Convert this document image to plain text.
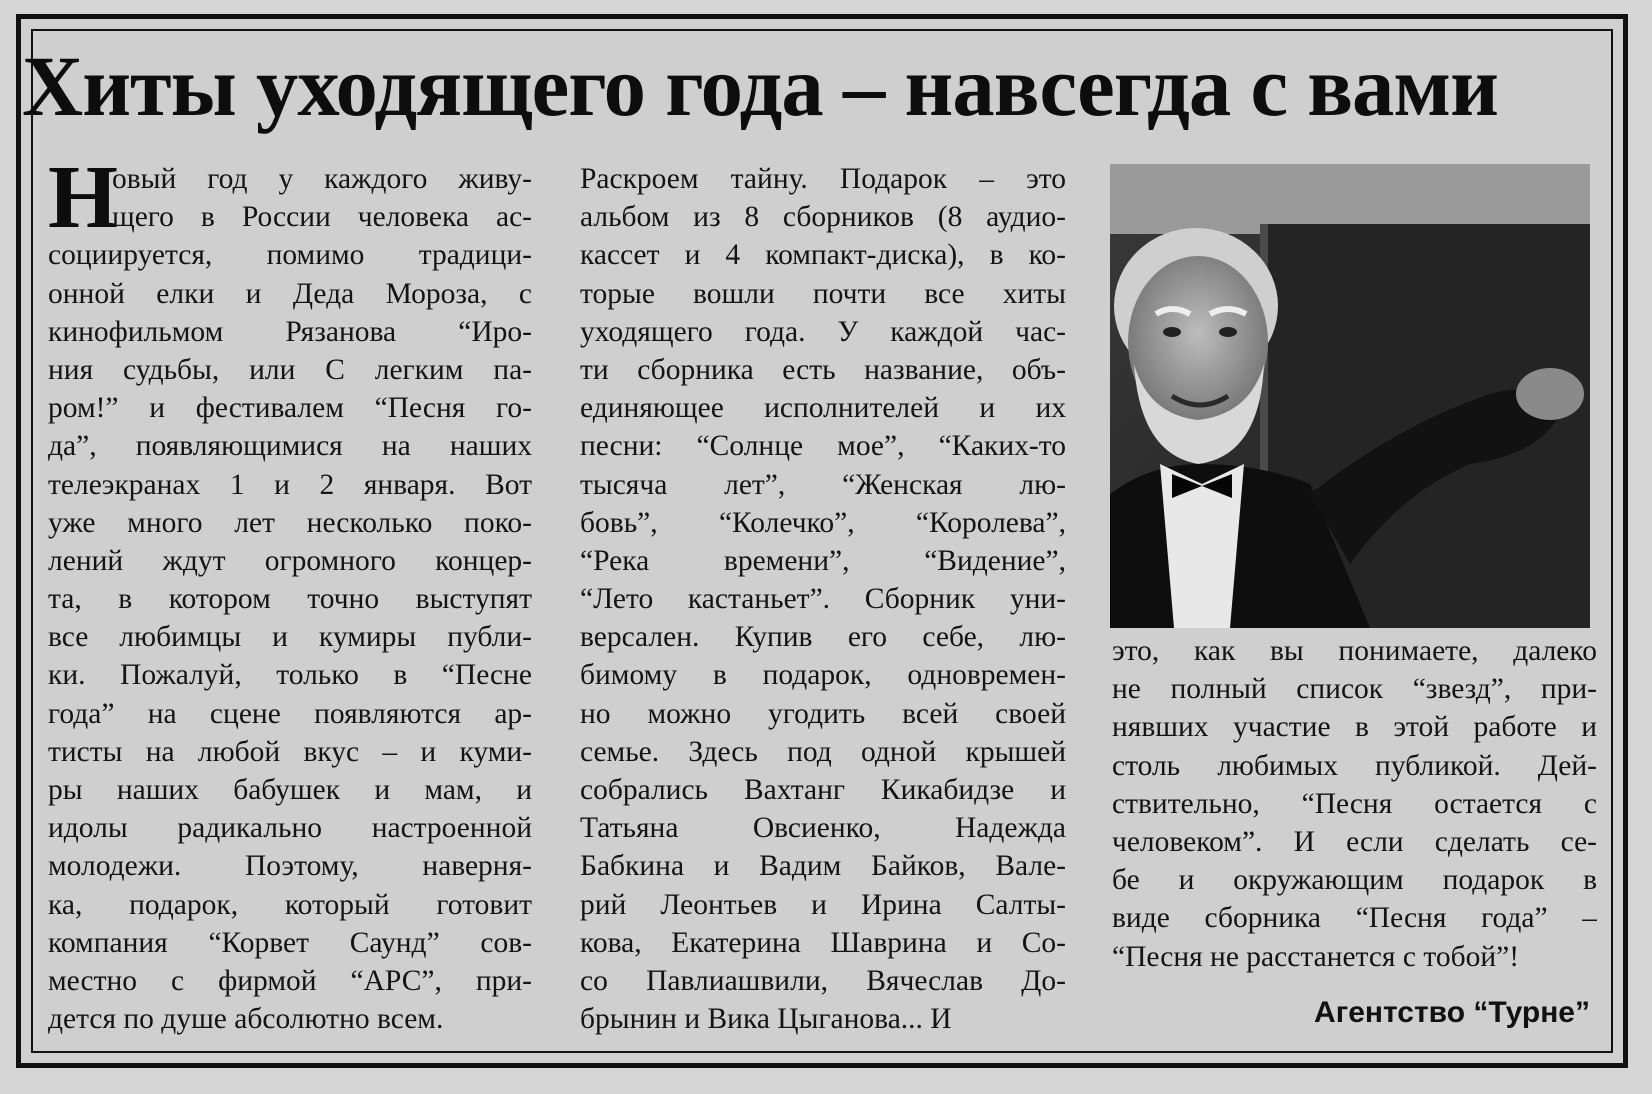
Хиты уходящего года – навсегда с вами
Н
овый год у каждого живу-
щего в России человека ас-
социируется, помимо традици-
онной елки и Деда Мороза, с
кинофильмом Рязанова “Иро-
ния судьбы, или С легким па-
ром!” и фестивалем “Песня го-
да”, появляющимися на наших
телеэкранах 1 и 2 января. Вот
уже много лет несколько поко-
лений ждут огромного концер-
та, в котором точно выступят
все любимцы и кумиры публи-
ки. Пожалуй, только в “Песне
года” на сцене появляются ар-
тисты на любой вкус – и куми-
ры наших бабушек и мам, и
идолы радикально настроенной
молодежи. Поэтому, наверня-
ка, подарок, который готовит
компания “Корвет Саунд” сов-
местно с фирмой “АРС”, при-
дется по душе абсолютно всем.
Раскроем тайну. Подарок – это
альбом из 8 сборников (8 аудио-
кассет и 4 компакт-диска), в ко-
торые вошли почти все хиты
уходящего года. У каждой час-
ти сборника есть название, объ-
единяющее исполнителей и их
песни: “Солнце мое”, “Каких-то
тысяча лет”, “Женская лю-
бовь”, “Колечко”, “Королева”,
“Река времени”, “Видение”,
“Лето кастаньет”. Сборник уни-
версален. Купив его себе, лю-
бимому в подарок, одновремен-
но можно угодить всей своей
семье. Здесь под одной крышей
собрались Вахтанг Кикабидзе и
Татьяна Овсиенко, Надежда
Бабкина и Вадим Байков, Вале-
рий Леонтьев и Ирина Салты-
кова, Екатерина Шаврина и Со-
со Павлиашвили, Вячеслав До-
брынин и Вика Цыганова... И
это, как вы понимаете, далеко
не полный список “звезд”, при-
нявших участие в этой работе и
столь любимых публикой. Дей-
ствительно, “Песня остается с
человеком”. И если сделать се-
бе и окружающим подарок в
виде сборника “Песня года” –
“Песня не расстанется с тобой”!
Агентство “Турне”
